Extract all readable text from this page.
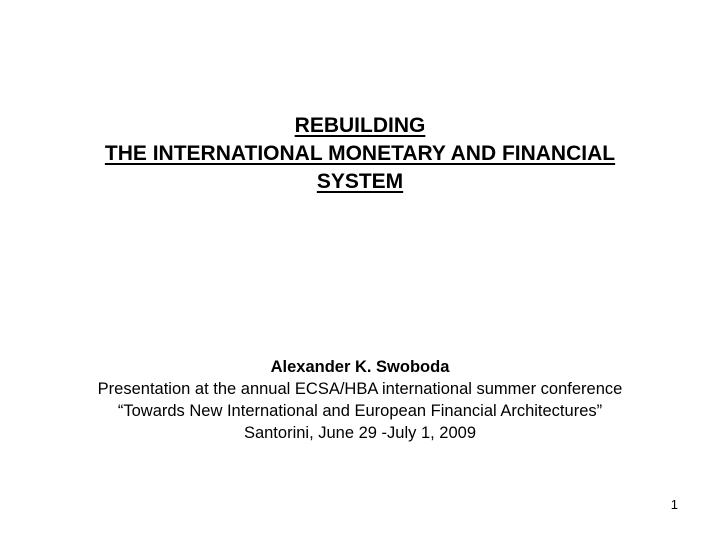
REBUILDING
THE INTERNATIONAL MONETARY AND FINANCIAL
SYSTEM
Alexander K. Swoboda
Presentation at the annual ECSA/HBA international summer conference
“Towards New International and European Financial Architectures”
Santorini, June 29 -July 1, 2009
1
